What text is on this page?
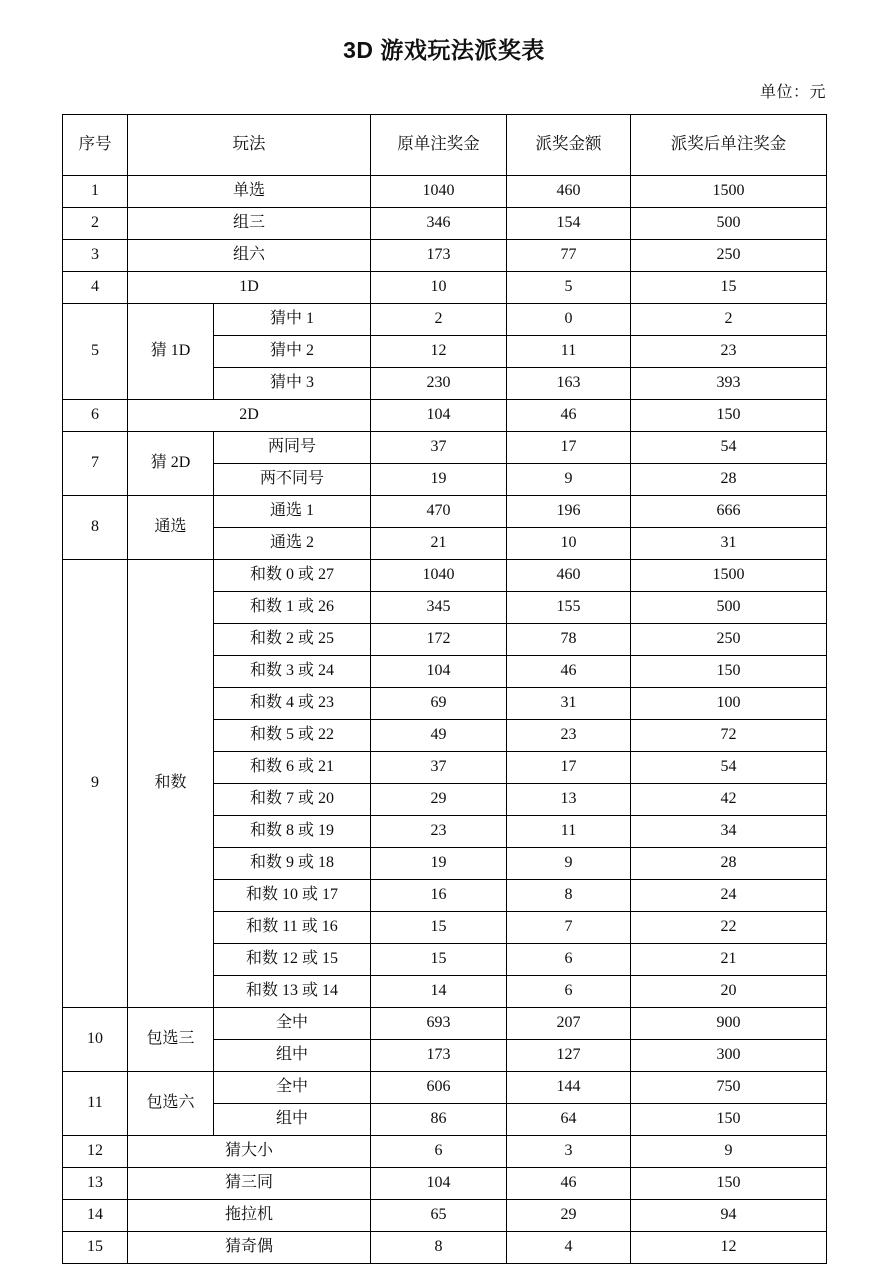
3D 游戏玩法派奖表
单位：元
序号	玩法		原单注奖金	派奖金额	派奖后单注奖金
1	单选		1040	460	1500
2	组三		346	154	500
3	组六		173	77	250
4	1D		10	5	15
5	猜 1D	猜中 1	2	0	2
		猜中 2	12	11	23
		猜中 3	230	163	393
6	2D		104	46	150
7	猜 2D	两同号	37	17	54
		两不同号	19	9	28
8	通选	通选 1	470	196	666
		通选 2	21	10	31
9	和数	和数 0 或 27	1040	460	1500
		和数 1 或 26	345	155	500
		和数 2 或 25	172	78	250
		和数 3 或 24	104	46	150
		和数 4 或 23	69	31	100
		和数 5 或 22	49	23	72
		和数 6 或 21	37	17	54
		和数 7 或 20	29	13	42
		和数 8 或 19	23	11	34
		和数 9 或 18	19	9	28
		和数 10 或 17	16	8	24
		和数 11 或 16	15	7	22
		和数 12 或 15	15	6	21
		和数 13 或 14	14	6	20
10	包选三	全中	693	207	900
		组中	173	127	300
11	包选六	全中	606	144	750
		组中	86	64	150
12	猜大小		6	3	9
13	猜三同		104	46	150
14	拖拉机		65	29	94
15	猜奇偶		8	4	12
